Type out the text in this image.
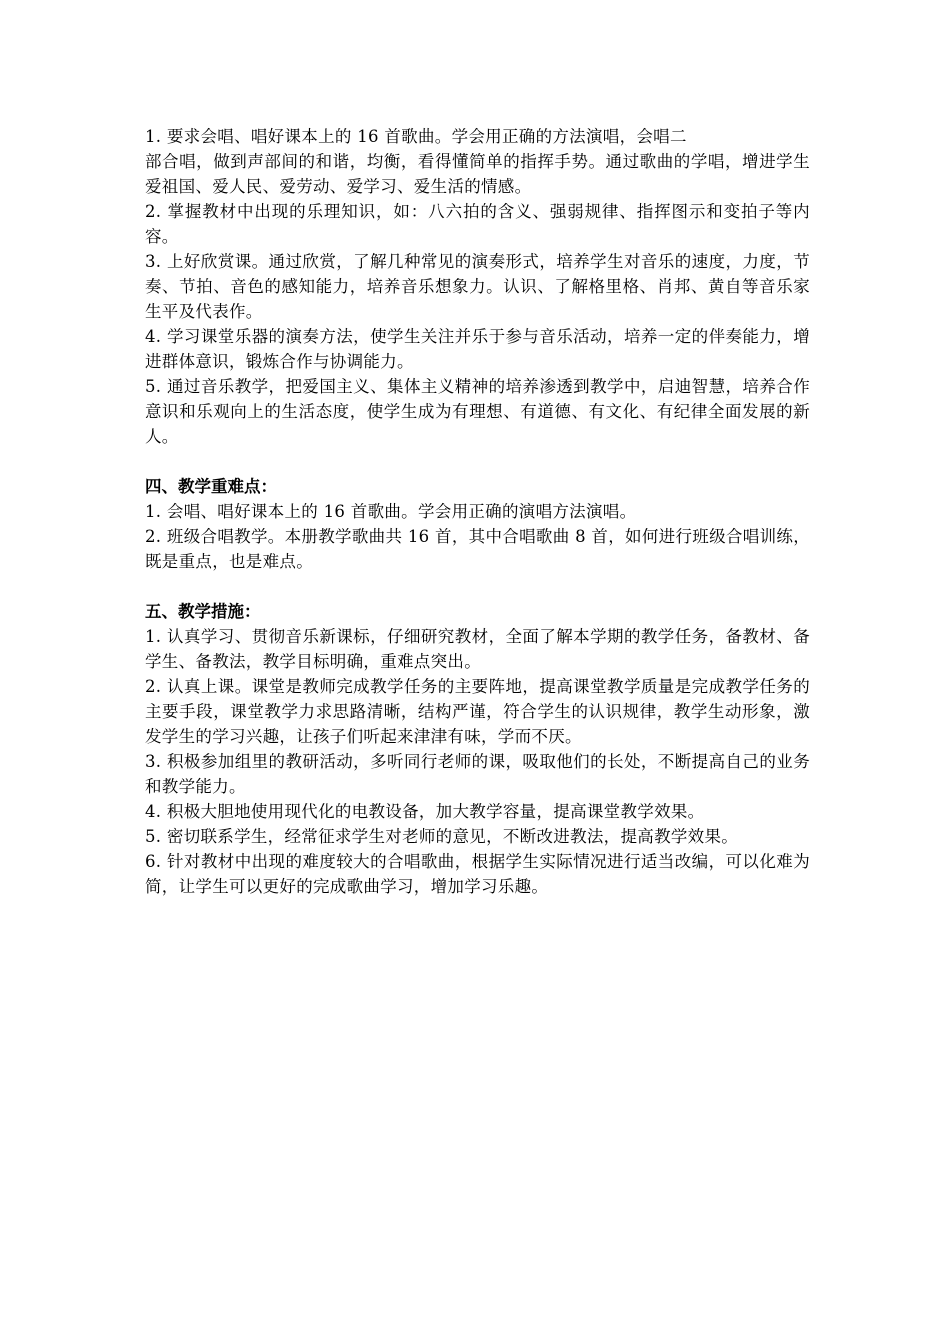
1. 要求会唱、唱好课本上的 16 首歌曲。学会用正确的方法演唱，会唱二

部合唱，做到声部间的和谐，均衡，看得懂简单的指挥手势。通过歌曲的学唱，增进学生爱祖国、爱人民、爱劳动、爱学习、爱生活的情感。

2. 掌握教材中出现的乐理知识，如：八六拍的含义、强弱规律、指挥图示和变拍子等内容。

3. 上好欣赏课。通过欣赏，了解几种常见的演奏形式，培养学生对音乐的速度，力度，节奏、节拍、音色的感知能力，培养音乐想象力。认识、了解格里格、肖邦、黄自等音乐家生平及代表作。

4. 学习课堂乐器的演奏方法，使学生关注并乐于参与音乐活动，培养一定的伴奏能力，增进群体意识，锻炼合作与协调能力。

5. 通过音乐教学，把爱国主义、集体主义精神的培养渗透到教学中，启迪智慧，培养合作意识和乐观向上的生活态度，使学生成为有理想、有道德、有文化、有纪律全面发展的新人。

四、教学重难点：

1. 会唱、唱好课本上的 16 首歌曲。学会用正确的演唱方法演唱。

2. 班级合唱教学。本册教学歌曲共 16 首，其中合唱歌曲 8 首，如何进行班级合唱训练，既是重点，也是难点。

五、教学措施：

1. 认真学习、贯彻音乐新课标，仔细研究教材，全面了解本学期的教学任务，备教材、备学生、备教法，教学目标明确，重难点突出。

2. 认真上课。课堂是教师完成教学任务的主要阵地，提高课堂教学质量是完成教学任务的主要手段，课堂教学力求思路清晰，结构严谨，符合学生的认识规律，教学生动形象，激发学生的学习兴趣，让孩子们听起来津津有味，学而不厌。

3. 积极参加组里的教研活动，多听同行老师的课，吸取他们的长处，不断提高自己的业务和教学能力。

4. 积极大胆地使用现代化的电教设备，加大教学容量，提高课堂教学效果。

5. 密切联系学生，经常征求学生对老师的意见，不断改进教法，提高教学效果。

6. 针对教材中出现的难度较大的合唱歌曲，根据学生实际情况进行适当改编，可以化难为简，让学生可以更好的完成歌曲学习，增加学习乐趣。
